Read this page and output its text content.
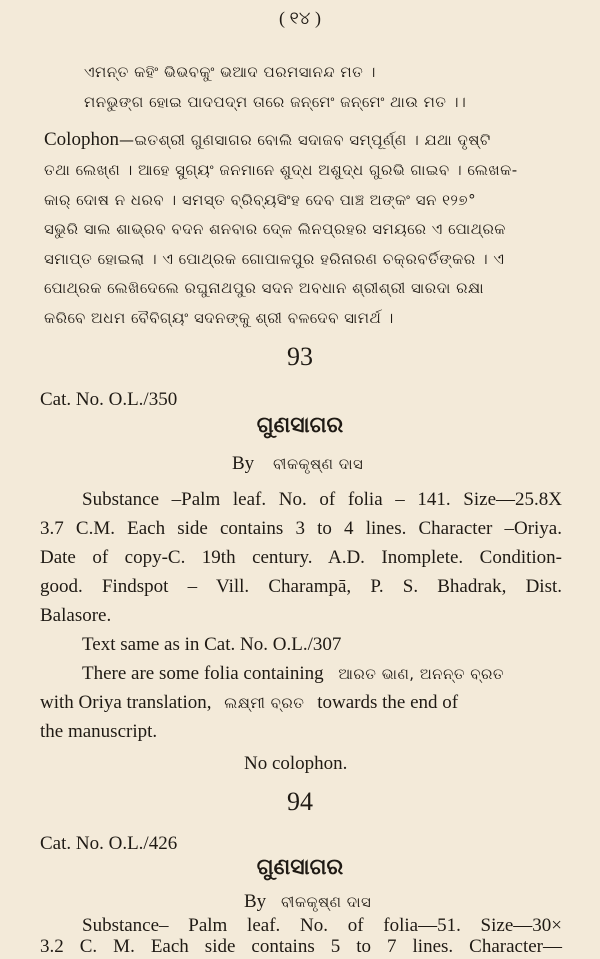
( ୧୪ )
ଏମନ୍ତ କହିଂ ଭିଭବକୁଂ ଭଆଦ ପରମସାନନ୍ଦ ମତ ।
ମନଭୁଙ୍ଗ ହୋଇ ପାଦପଦ୍ମ ତାରେ ଜନ୍ମେଂ ଜନ୍ମେଂ ଥାଉ ମତ ।।
Colophon—ଇତଶ୍ରୀ ଗୁଣସାଗର ବୋଲି ସଦାଜବ ସମ୍ପୂର୍ଣ୍ଣ । ଯଥା ଦୃଷ୍ଟି
ତଥା ଲେଖ୍ଣ । ଆହେ ସୁଗ୍ୟଂ ଜନମାନେ ଶୁଦ୍ଧ ଅଶୁଦ୍ଧ ଗୁରଭି ଗାଇବ । ଲେଖକ-
କାର୍ ଦୋଷ ନ ଧରବ । ସମସ୍ତ ବ୍ରିବ୍ୟସିଂହ ଦେବ ପାଞ୍ଚ ଅଙ୍କଂ ସନ ୧୨୭°
ସଭୁରି ସାଲ ଶାଭ୍ରବ ବଦନ ଶନବାର ଦେ୍ଳ ଲିନପ୍ରହର ସମୟରେ ଏ ପୋଥ୍ରକ
ସମାପ୍ତ ହୋଇଲା । ଏ ପୋଥ୍ରକ ଗୋପାଳପୁର ହରିନାରଣ ଚକ୍ରବର୍ତିଙ୍କର । ଏ
ପୋଥ୍ରକ ଲେଖିଦେଲେ ରଘୁନାଥପୁର ସଦନ ଅବଧାନ ଶ୍ରୀଶ୍ରୀ ସାରଦା ରକ୍ଷା
କରିବେ ଅଧମ ବୈବିଗ୍ୟଂ ସଦନଙ୍କୁ ଶ୍ରୀ ବଳଦେବ ସାମର୍ଥ ।
93
Cat. No. O.L./350
ଗୁଣସାଗର
By ବୀକକୃଷ୍ଣ ଦାସ
Substance –Palm leaf. No. of folia – 141. Size—25.8X
3.7 C.M. Each side contains 3 to 4 lines. Character –Oriya.
Date of copy-C. 19th century. A.D. Inomplete. Condition-
good. Findspot – Vill. Charampā, P. S. Bhadrak, Dist.
Balasore.
Text same as in Cat. No. O.L./307
There are some folia containing ଆରତ ଭାଣ, ଅନନ୍ତ ବ୍ରତ
with Oriya translation, ଲକ୍ଷ୍ମୀ ବ୍ରତ towards the end of
the manuscript.
No colophon.
94
Cat. No. O.L./426
ଗୁଣସାଗର
By ବୀକକୃଷ୍ଣ ଦାସ
Substance– Palm leaf. No. of folia—51. Size—30×
3.2 C. M. Each side contains 5 to 7 lines. Character—
